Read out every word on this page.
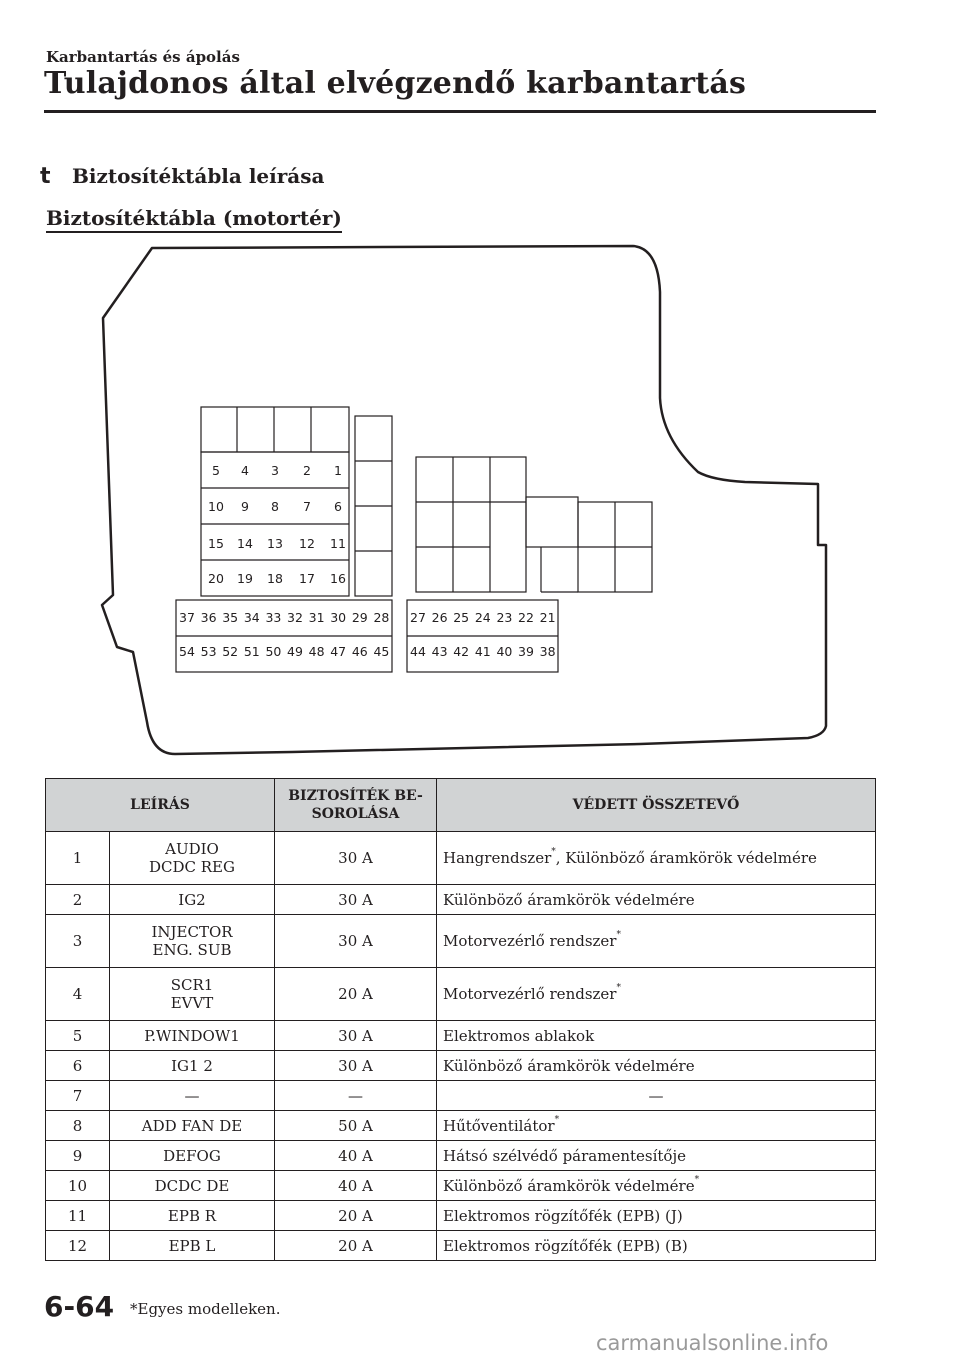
Karbantartás és ápolás
Tulajdonos által elvégzendő karbantartás
t Biztosítéktábla leírása
Biztosítéktábla (motortér)
5 4 3 2 1
10 9 8 7 6
15 14 13 12 11
20 19 18 17 16
37 36 35 34 33 32 31 30 29 28
54 53 52 51 50 49 48 47 46 45
27 26 25 24 23 22 21
44 43 42 41 40 39 38
LEÍRÁS		BIZTOSÍTÉK BE-
SOROLÁSA	VÉDETT ÖSSZETEVŐ
1	AUDIO
DCDC REG	30 A	Hangrendszer*, Különböző áramkörök védelmére
2	IG2	30 A	Különböző áramkörök védelmére
3	INJECTOR
ENG. SUB	30 A	Motorvezérlő rendszer*
4	SCR1
EVVT	20 A	Motorvezérlő rendszer*
5	P.WINDOW1	30 A	Elektromos ablakok
6	IG1 2	30 A	Különböző áramkörök védelmére
7	—	—	—
8	ADD FAN DE	50 A	Hűtőventilátor*
9	DEFOG	40 A	Hátsó szélvédő páramentesítője
10	DCDC DE	40 A	Különböző áramkörök védelmére*
11	EPB R	20 A	Elektromos rögzítőfék (EPB) (J)
12	EPB L	20 A	Elektromos rögzítőfék (EPB) (B)
6-64 *Egyes modelleken.
carmanualsonline.info
